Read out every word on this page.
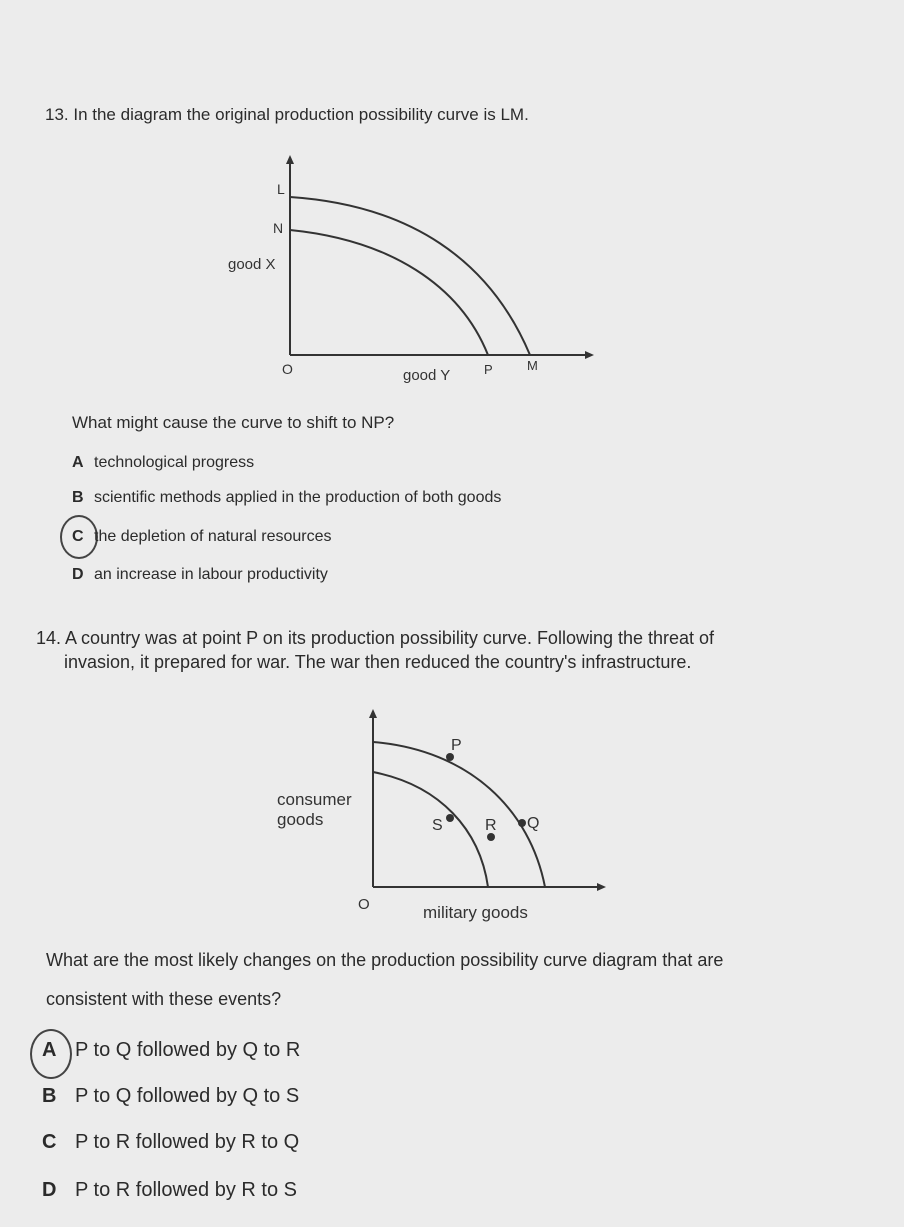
13. In the diagram the original production possibility curve is LM.
L
N
good X
O	good Y	P	M
What might cause the curve to shift to NP?
A technological progress
B scientific methods applied in the production of both goods
C the depletion of natural resources
D an increase in labour productivity
14. A country was at point P on its production possibility curve. Following the threat of
invasion, it prepared for war. The war then reduced the country's infrastructure.
P
S	R Q
consumer
goods
O	military goods
What are the most likely changes on the production possibility curve diagram that are
consistent with these events?
A P to Q followed by Q to R
B P to Q followed by Q to S
C P to R followed by R to Q
D P to R followed by R to S
